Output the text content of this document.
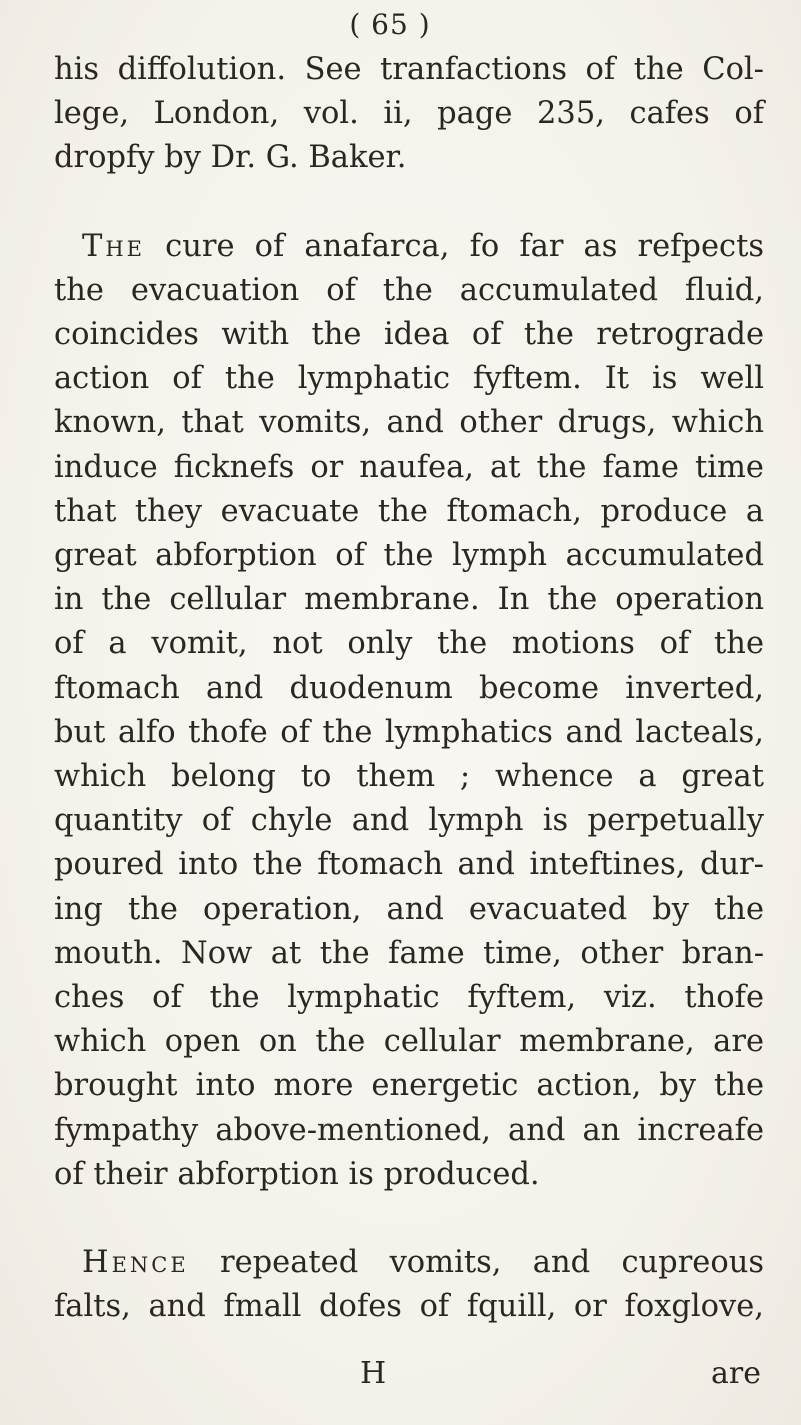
( 65 )
his diffolution. See tranfactions of the Col-
lege, London, vol. ii, page 235, cafes of
dropfy by Dr. G. Baker.
The cure of anafarca, fo far as refpects
the evacuation of the accumulated fluid,
coincides with the idea of the retrograde
action of the lymphatic fyftem. It is well
known, that vomits, and other drugs, which
induce ficknefs or naufea, at the fame time
that they evacuate the ftomach, produce a
great abforption of the lymph accumulated
in the cellular membrane. In the operation
of a vomit, not only the motions of the
ftomach and duodenum become inverted,
but alfo thofe of the lymphatics and lacteals,
which belong to them ; whence a great
quantity of chyle and lymph is perpetually
poured into the ftomach and inteftines, dur-
ing the operation, and evacuated by the
mouth. Now at the fame time, other bran-
ches of the lymphatic fyftem, viz. thofe
which open on the cellular membrane, are
brought into more energetic action, by the
fympathy above-mentioned, and an increafe
of their abforption is produced.
Hence repeated vomits, and cupreous
falts, and fmall dofes of fquill, or foxglove,
H	are
